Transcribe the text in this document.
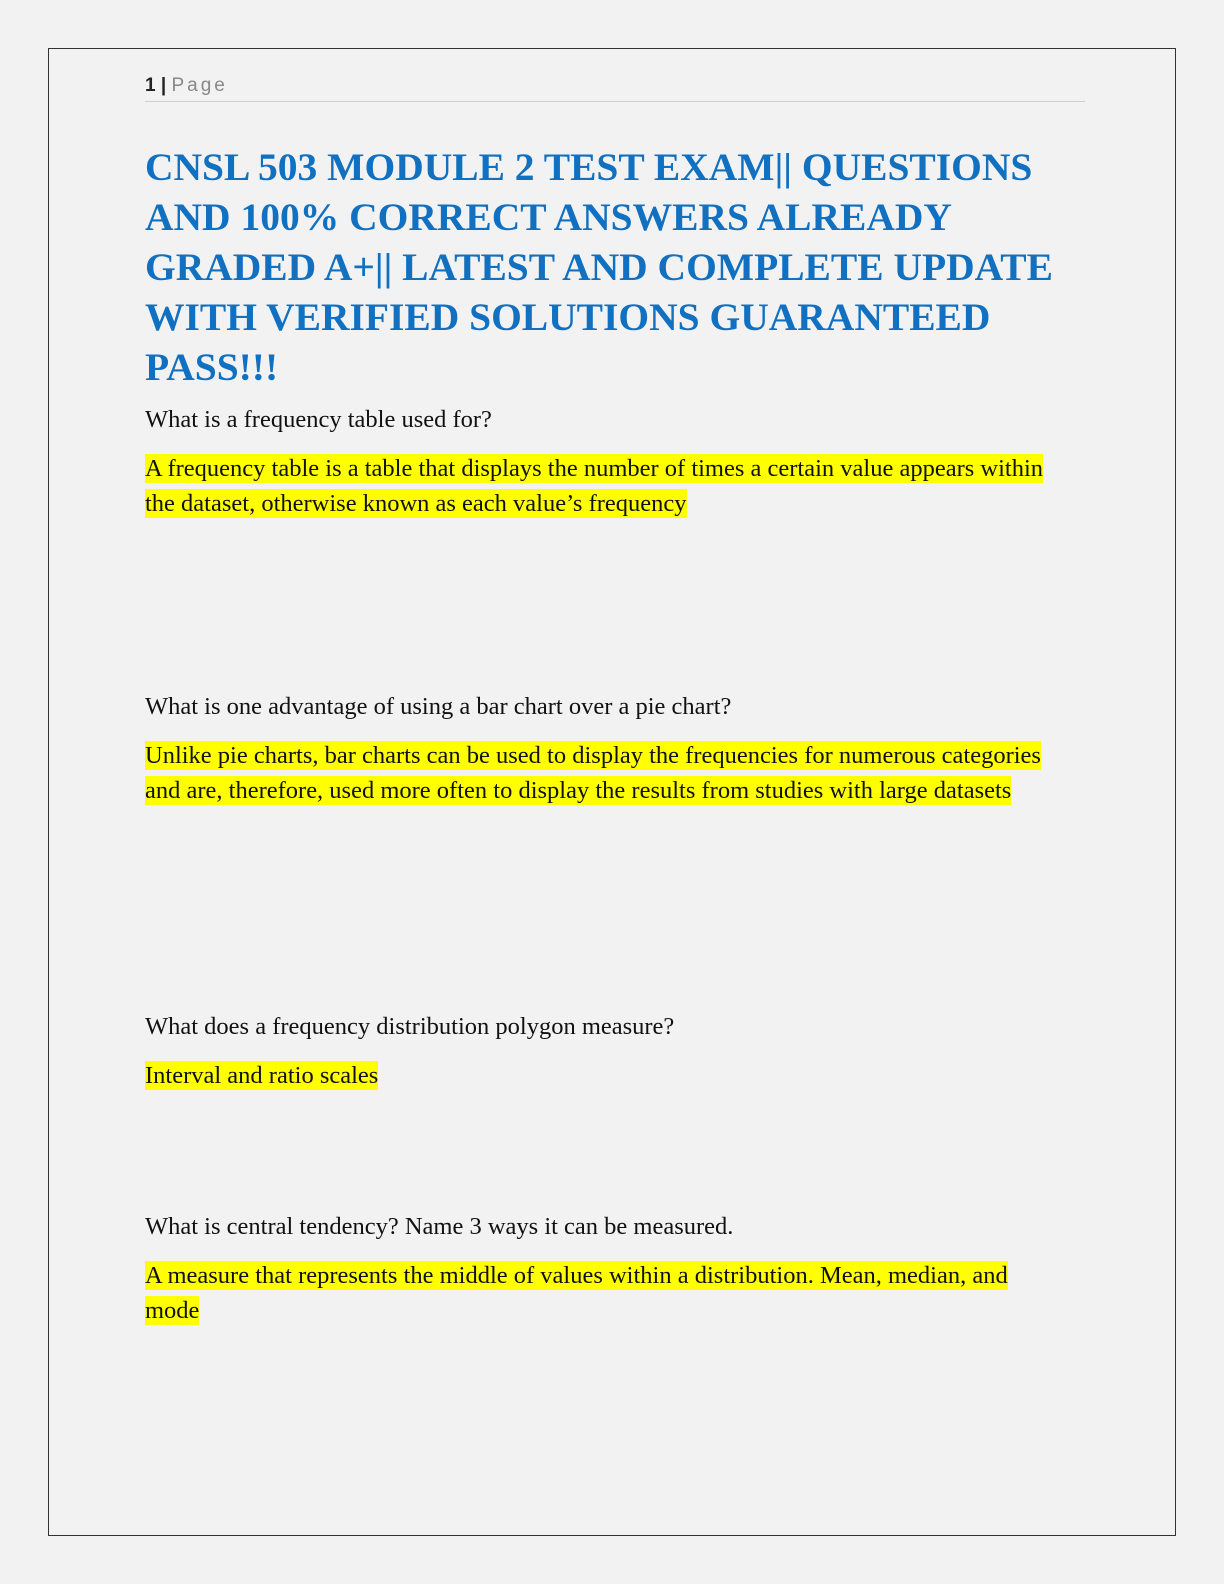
1 | Page
CNSL 503 MODULE 2 TEST EXAM|| QUESTIONS AND 100% CORRECT ANSWERS ALREADY GRADED A+|| LATEST AND COMPLETE UPDATE WITH VERIFIED SOLUTIONS GUARANTEED PASS!!!
What is a frequency table used for?
A frequency table is a table that displays the number of times a certain value appears within the dataset, otherwise known as each value’s frequency
What is one advantage of using a bar chart over a pie chart?
Unlike pie charts, bar charts can be used to display the frequencies for numerous categories and are, therefore, used more often to display the results from studies with large datasets
What does a frequency distribution polygon measure?
Interval and ratio scales
What is central tendency? Name 3 ways it can be measured.
A measure that represents the middle of values within a distribution. Mean, median, and mode
